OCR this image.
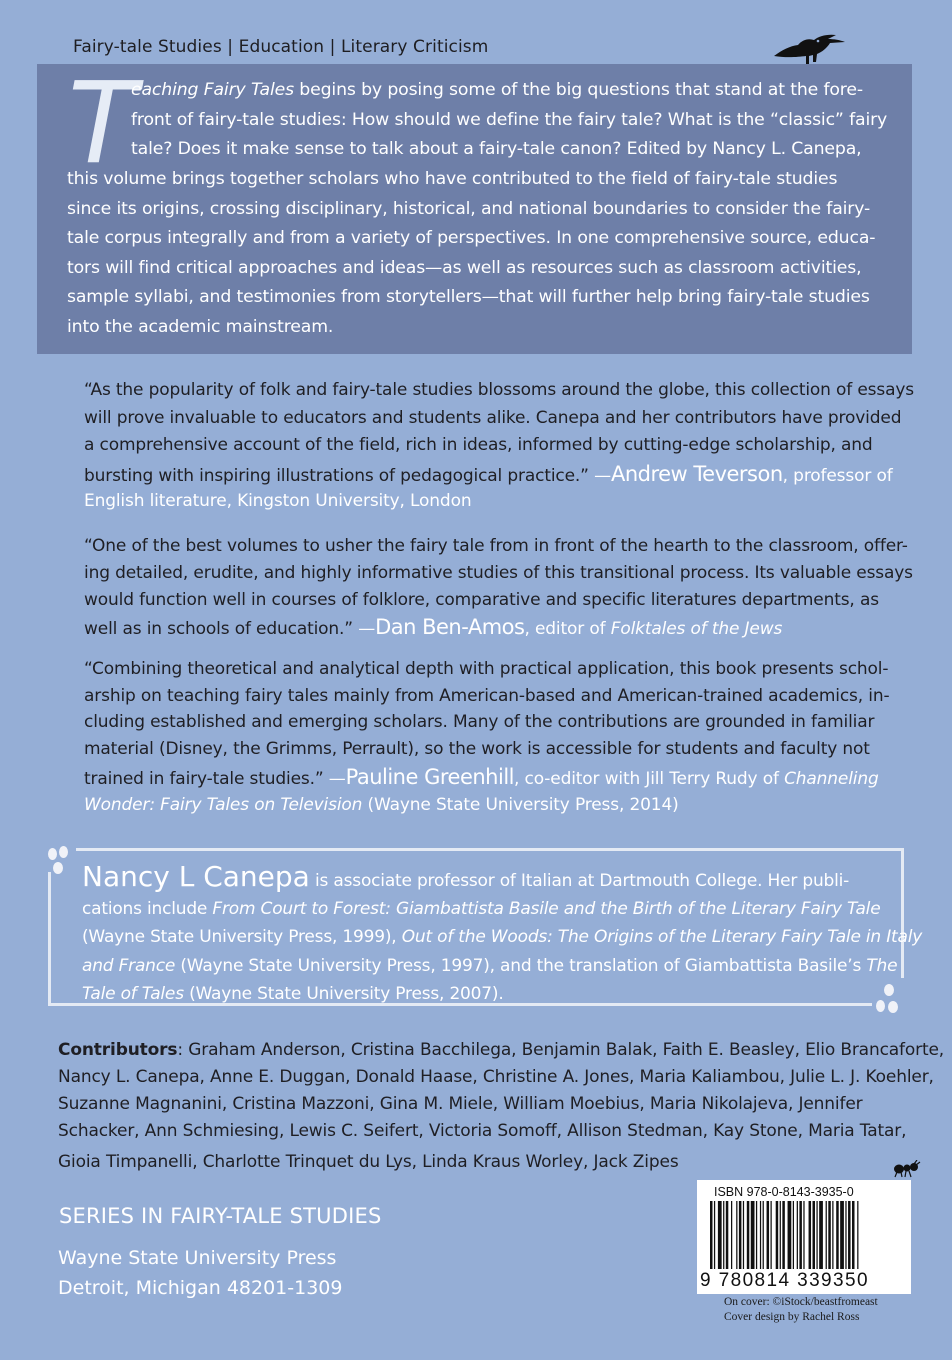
Fairy-tale Studies | Education | Literary Criticism
T
eaching Fairy Tales begins by posing some of the big questions that stand at the fore-
front of fairy-tale studies: How should we define the fairy tale? What is the “classic” fairy
tale? Does it make sense to talk about a fairy-tale canon? Edited by Nancy L. Canepa,
this volume brings together scholars who have contributed to the field of fairy-tale studies
since its origins, crossing disciplinary, historical, and national boundaries to consider the fairy-
tale corpus integrally and from a variety of perspectives. In one comprehensive source, educa-
tors will find critical approaches and ideas—as well as resources such as classroom activities,
sample syllabi, and testimonies from storytellers—that will further help bring fairy-tale studies
into the academic mainstream.
“As the popularity of folk and fairy-tale studies blossoms around the globe, this collection of essays
will prove invaluable to educators and students alike. Canepa and her contributors have provided
a comprehensive account of the field, rich in ideas, informed by cutting-edge scholarship, and
bursting with inspiring illustrations of pedagogical practice.” —Andrew Teverson, professor of
English literature, Kingston University, London
“One of the best volumes to usher the fairy tale from in front of the hearth to the classroom, offer-
ing detailed, erudite, and highly informative studies of this transitional process. Its valuable essays
would function well in courses of folklore, comparative and specific literatures departments, as
well as in schools of education.” —Dan Ben-Amos, editor of Folktales of the Jews
“Combining theoretical and analytical depth with practical application, this book presents schol-
arship on teaching fairy tales mainly from American-based and American-trained academics, in-
cluding established and emerging scholars. Many of the contributions are grounded in familiar
material (Disney, the Grimms, Perrault), so the work is accessible for students and faculty not
trained in fairy-tale studies.” —Pauline Greenhill, co-editor with Jill Terry Rudy of Channeling
Wonder: Fairy Tales on Television (Wayne State University Press, 2014)
Nancy L Canepa is associate professor of Italian at Dartmouth College. Her publi-
cations include From Court to Forest: Giambattista Basile and the Birth of the Literary Fairy Tale
(Wayne State University Press, 1999), Out of the Woods: The Origins of the Literary Fairy Tale in Italy
and France (Wayne State University Press, 1997), and the translation of Giambattista Basile’s The
Tale of Tales (Wayne State University Press, 2007).
Contributors: Graham Anderson, Cristina Bacchilega, Benjamin Balak, Faith E. Beasley, Elio Brancaforte,
Nancy L. Canepa, Anne E. Duggan, Donald Haase, Christine A. Jones, Maria Kaliambou, Julie L. J. Koehler,
Suzanne Magnanini, Cristina Mazzoni, Gina M. Miele, William Moebius, Maria Nikolajeva, Jennifer
Schacker, Ann Schmiesing, Lewis C. Seifert, Victoria Somoff, Allison Stedman, Kay Stone, Maria Tatar,
Gioia Timpanelli, Charlotte Trinquet du Lys, Linda Kraus Worley, Jack Zipes
SERIES IN FAIRY-TALE STUDIES
Wayne State University Press
Detroit, Michigan 48201-1309
ISBN 978-0-8143-3935-0
9 780814 339350
On cover: ©iStock/beastfromeast
Cover design by Rachel Ross
